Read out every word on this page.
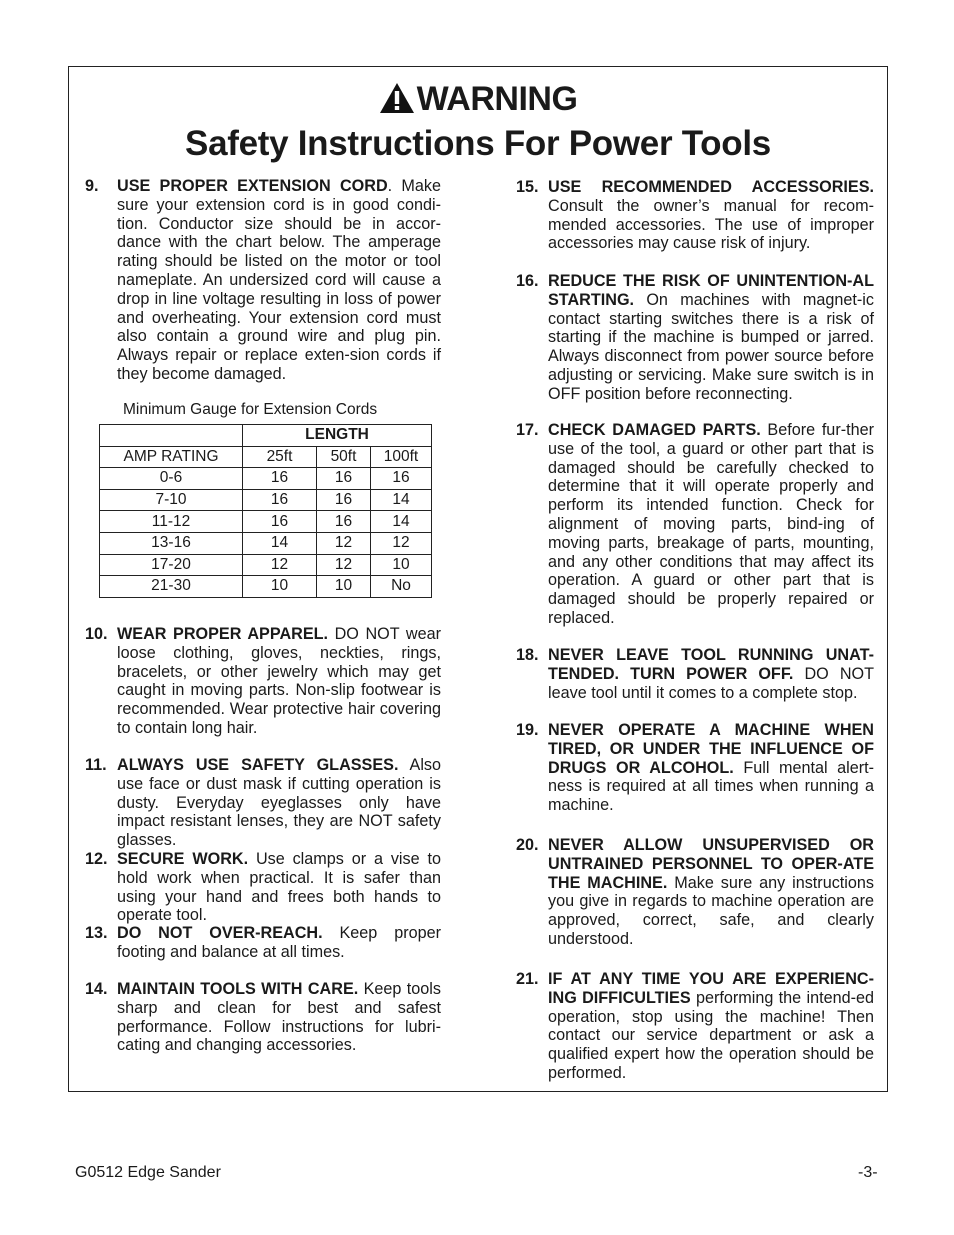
WARNING
Safety Instructions For Power Tools
9. USE PROPER EXTENSION CORD. Make sure your extension cord is in good condi-tion. Conductor size should be in accor-dance with the chart below. The amperage rating should be listed on the motor or tool nameplate. An undersized cord will cause a drop in line voltage resulting in loss of power and overheating. Your extension cord must also contain a ground wire and plug pin. Always repair or replace exten-sion cords if they become damaged.
Minimum Gauge for Extension Cords
	LENGTH		
AMP RATING	25ft	50ft	100ft
0-6	16	16	16
7-10	16	16	14
11-12	16	16	14
13-16	14	12	12
17-20	12	12	10
21-30	10	10	No
10. WEAR PROPER APPAREL. DO NOT wear loose clothing, gloves, neckties, rings, bracelets, or other jewelry which may get caught in moving parts. Non-slip footwear is recommended. Wear protective hair covering to contain long hair.
11. ALWAYS USE SAFETY GLASSES. Also use face or dust mask if cutting operation is dusty. Everyday eyeglasses only have impact resistant lenses, they are NOT safety glasses.
12. SECURE WORK. Use clamps or a vise to hold work when practical. It is safer than using your hand and frees both hands to operate tool.
13. DO NOT OVER-REACH. Keep proper footing and balance at all times.
14. MAINTAIN TOOLS WITH CARE. Keep tools sharp and clean for best and safest performance. Follow instructions for lubri-cating and changing accessories.
15. USE RECOMMENDED ACCESSORIES. Consult the owner’s manual for recom-mended accessories. The use of improper accessories may cause risk of injury.
16. REDUCE THE RISK OF UNINTENTION-AL STARTING. On machines with magnet-ic contact starting switches there is a risk of starting if the machine is bumped or jarred. Always disconnect from power source before adjusting or servicing. Make sure switch is in OFF position before reconnecting.
17. CHECK DAMAGED PARTS. Before fur-ther use of the tool, a guard or other part that is damaged should be carefully checked to determine that it will operate properly and perform its intended function. Check for alignment of moving parts, bind-ing of moving parts, breakage of parts, mounting, and any other conditions that may affect its operation. A guard or other part that is damaged should be properly repaired or replaced.
18. NEVER LEAVE TOOL RUNNING UNAT-TENDED. TURN POWER OFF. DO NOT leave tool until it comes to a complete stop.
19. NEVER OPERATE A MACHINE WHEN TIRED, OR UNDER THE INFLUENCE OF DRUGS OR ALCOHOL. Full mental alert-ness is required at all times when running a machine.
20. NEVER ALLOW UNSUPERVISED OR UNTRAINED PERSONNEL TO OPER-ATE THE MACHINE. Make sure any instructions you give in regards to machine operation are approved, correct, safe, and clearly understood.
21. IF AT ANY TIME YOU ARE EXPERIENC-ING DIFFICULTIES performing the intend-ed operation, stop using the machine! Then contact our service department or ask a qualified expert how the operation should be performed.
G0512 Edge Sander	-3-
